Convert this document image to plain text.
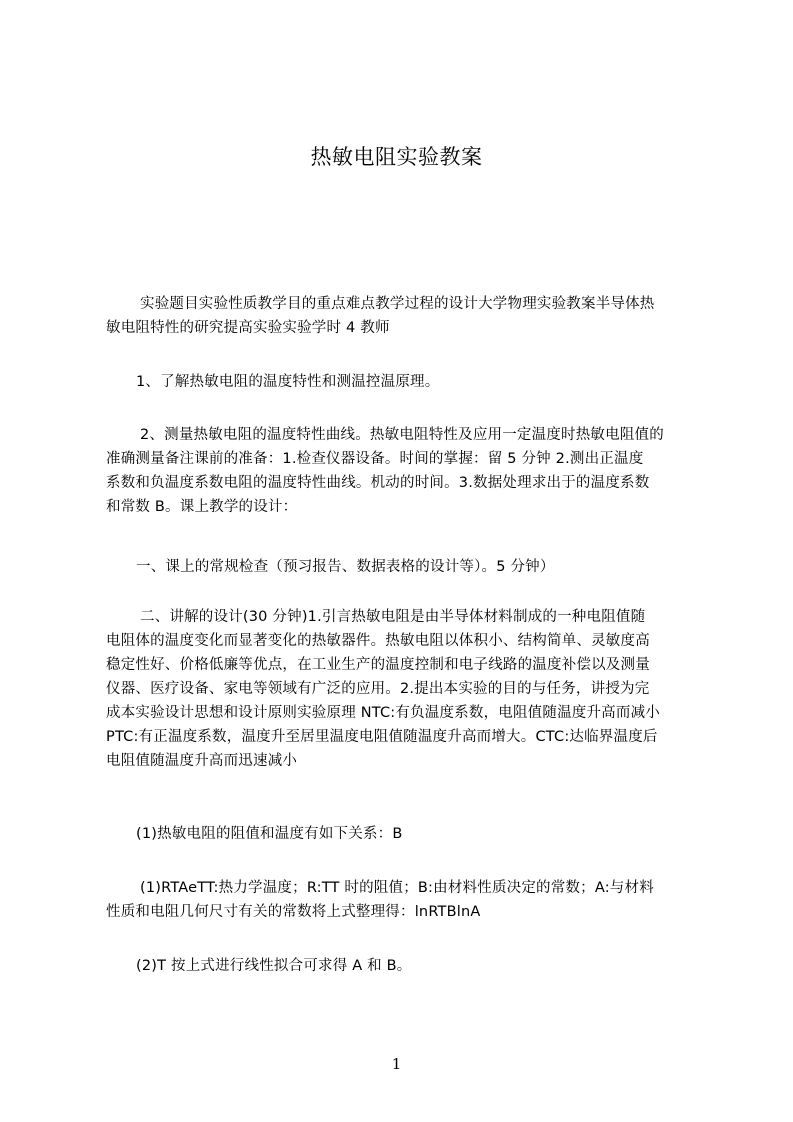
热敏电阻实验教案
实验题目实验性质教学目的重点难点教学过程的设计大学物理实验教案半导体热
敏电阻特性的研究提高实验实验学时 4 教师
1、了解热敏电阻的温度特性和测温控温原理。
2、测量热敏电阻的温度特性曲线。热敏电阻特性及应用一定温度时热敏电阻值的
准确测量备注课前的准备：1.检查仪器设备。时间的掌握：留 5 分钟 2.测出正温度
系数和负温度系数电阻的温度特性曲线。机动的时间。3.数据处理求出于的温度系数
和常数 B。课上教学的设计：
一、课上的常规检查（预习报告、数据表格的设计等）。5 分钟）
二、讲解的设计(30 分钟)1.引言热敏电阻是由半导体材料制成的一种电阻值随
电阻体的温度变化而显著变化的热敏器件。热敏电阻以体积小、结构简单、灵敏度高
稳定性好、价格低廉等优点，在工业生产的温度控制和电子线路的温度补偿以及测量
仪器、医疗设备、家电等领域有广泛的应用。2.提出本实验的目的与任务，讲授为完
成本实验设计思想和设计原则实验原理 NTC:有负温度系数，电阻值随温度升高而减小
PTC:有正温度系数，温度升至居里温度电阻值随温度升高而增大。CTC:达临界温度后
电阻值随温度升高而迅速减小
(1)热敏电阻的阻值和温度有如下关系：B
(1)RTAeTT:热力学温度；R:TT 时的阻值；B:由材料性质决定的常数；A:与材料
性质和电阻几何尺寸有关的常数将上式整理得：lnRTBlnA
(2)T 按上式进行线性拟合可求得 A 和 B。
1
